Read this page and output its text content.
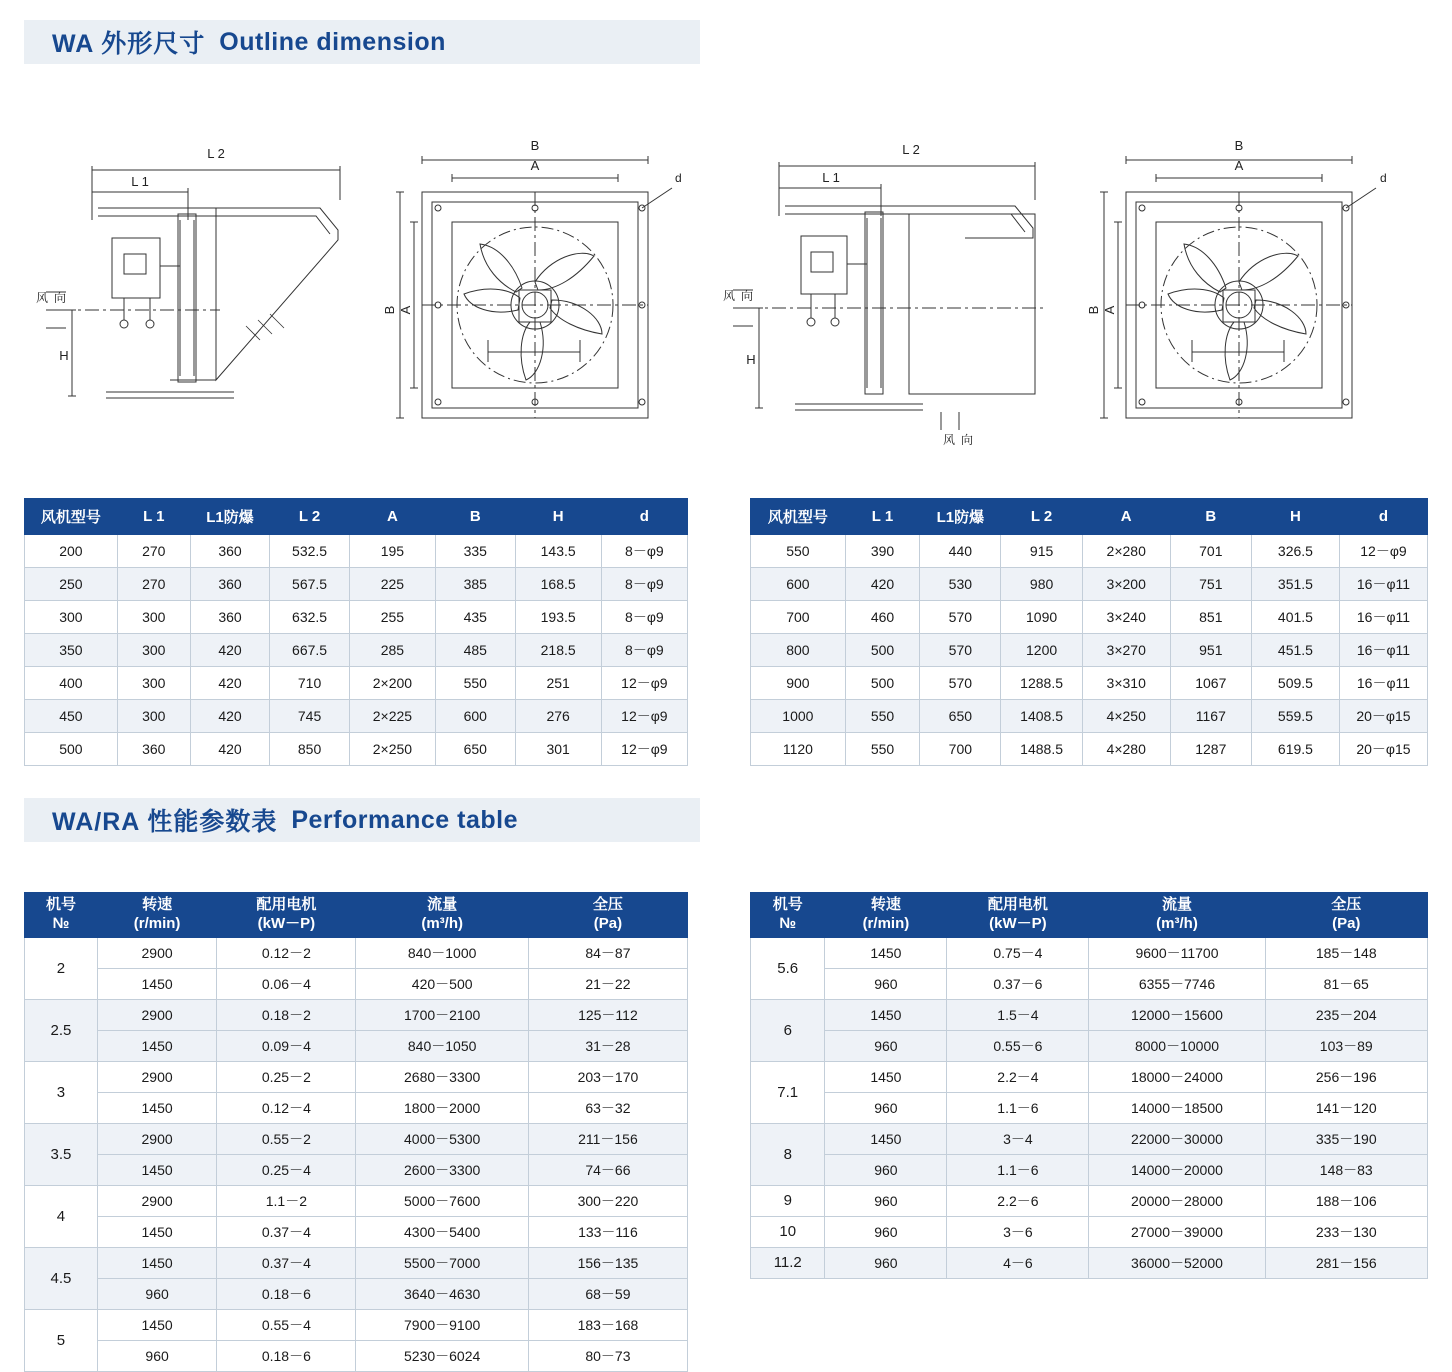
WA 外形尺寸 Outline dimension
L 2
L 1
H
风 向
B
A
d
B A
L 2
L 1
H
风 向
风 向
B
A
d
B A
风机型号	L 1	L1防爆	L 2	A	B	H	d
200	270	360	532.5	195	335	143.5	8－φ9
250	270	360	567.5	225	385	168.5	8－φ9
300	300	360	632.5	255	435	193.5	8－φ9
350	300	420	667.5	285	485	218.5	8－φ9
400	300	420	710	2×200	550	251	12－φ9
450	300	420	745	2×225	600	276	12－φ9
500	360	420	850	2×250	650	301	12－φ9
风机型号	L 1	L1防爆	L 2	A	B	H	d
550	390	440	915	2×280	701	326.5	12－φ9
600	420	530	980	3×200	751	351.5	16－φ11
700	460	570	1090	3×240	851	401.5	16－φ11
800	500	570	1200	3×270	951	451.5	16－φ11
900	500	570	1288.5	3×310	1067	509.5	16－φ11
1000	550	650	1408.5	4×250	1167	559.5	20－φ15
1120	550	700	1488.5	4×280	1287	619.5	20－φ15
WA/RA 性能参数表 Performance table
机号
№

转速
(r/min)

配用电机
(kW－P)

流量
(m³/h)

全压
(Pa)

2	2900	0.12－2	840－1000	84－87
	1450	0.06－4	420－500	21－22
2.5	2900	0.18－2	1700－2100	125－112
	1450	0.09－4	840－1050	31－28
3	2900	0.25－2	2680－3300	203－170
	1450	0.12－4	1800－2000	63－32
3.5	2900	0.55－2	4000－5300	211－156
	1450	0.25－4	2600－3300	74－66
4	2900	1.1－2	5000－7600	300－220
	1450	0.37－4	4300－5400	133－116
4.5	1450	0.37－4	5500－7000	156－135
	960	0.18－6	3640－4630	68－59
5	1450	0.55－4	7900－9100	183－168
	960	0.18－6	5230－6024	80－73
机号
№

转速
(r/min)

配用电机
(kW－P)

流量
(m³/h)

全压
(Pa)

5.6	1450	0.75－4	9600－11700	185－148
	960	0.37－6	6355－7746	81－65
6	1450	1.5－4	12000－15600	235－204
	960	0.55－6	8000－10000	103－89
7.1	1450	2.2－4	18000－24000	256－196
	960	1.1－6	14000－18500	141－120
8	1450	3－4	22000－30000	335－190
	960	1.1－6	14000－20000	148－83
9	960	2.2－6	20000－28000	188－106
10	960	3－6	27000－39000	233－130
11.2	960	4－6	36000－52000	281－156
